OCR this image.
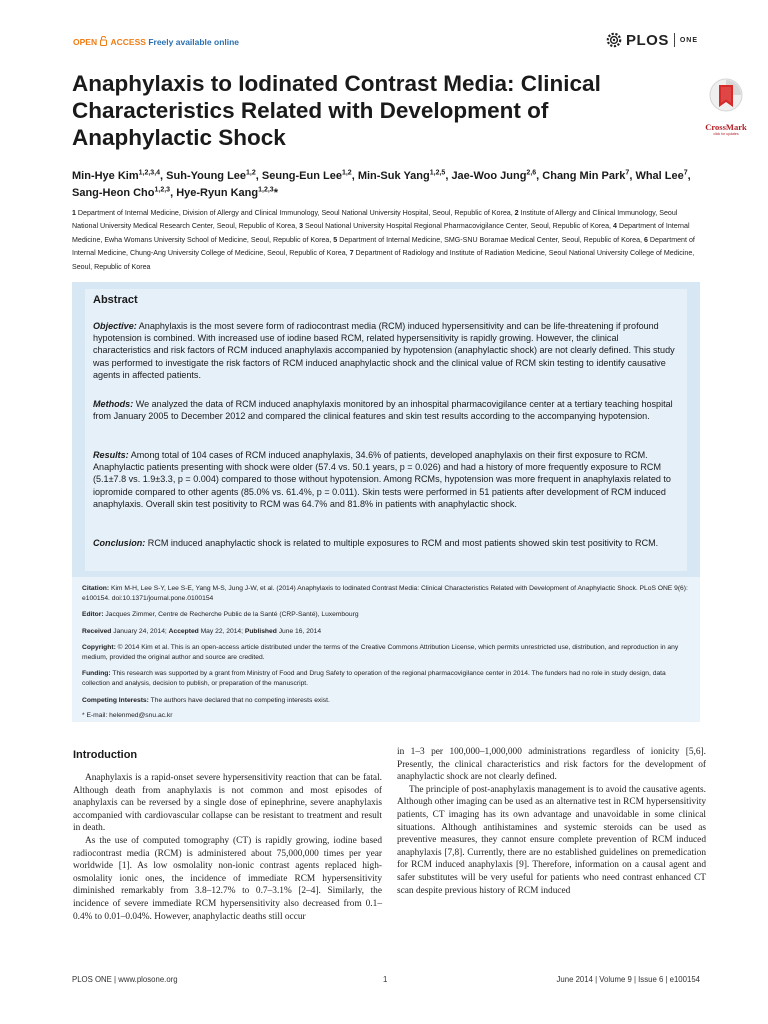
OPEN ACCESS Freely available online	PLOS ONE
Anaphylaxis to Iodinated Contrast Media: Clinical Characteristics Related with Development of Anaphylactic Shock	CrossMark
click for updates
Min-Hye Kim$^{1,2,3,4}$, Suh-Young Lee$^{1,2}$, Seung-Eun Lee$^{1,2}$, Min-Suk Yang$^{1,2,5}$, Jae-Woo Jung$^{2,6}$, Chang Min Park$^7$, Whal Lee$^7$, Sang-Heon Cho$^{1,2,3}$, Hye-Ryun Kang$^{1,2,3}$*
1 Department of Internal Medicine, Division of Allergy and Clinical Immunology, Seoul National University Hospital, Seoul, Republic of Korea, 2 Institute of Allergy and Clinical Immunology, Seoul National University Medical Research Center, Seoul, Republic of Korea, 3 Seoul National University Hospital Regional Pharmacovigilance Center, Seoul, Republic of Korea, 4 Department of Internal Medicine, Ewha Womans University School of Medicine, Seoul, Republic of Korea, 5 Department of Internal Medicine, SMG-SNU Boramae Medical Center, Seoul, Republic of Korea, 6 Department of Internal Medicine, Chung-Ang University College of Medicine, Seoul, Republic of Korea, 7 Department of Radiology and Institute of Radiation Medicine, Seoul National University College of Medicine, Seoul, Republic of Korea
Abstract

Objective: Anaphylaxis is the most severe form of radiocontrast media (RCM) induced hypersensitivity and can be life-threatening if profound hypotension is combined. With increased use of iodine based RCM, related hypersensitivity is rapidly growing. However, the clinical characteristics and risk factors of RCM induced anaphylaxis accompanied by hypotension (anaphylactic shock) are not clearly defined. This study was performed to investigate the risk factors of RCM induced anaphylactic shock and the clinical value of RCM skin testing to identify causative agents in affected patients.

Methods: We analyzed the data of RCM induced anaphylaxis monitored by an inhospital pharmacovigilance center at a tertiary teaching hospital from January 2005 to December 2012 and compared the clinical features and skin test results according to the accompanying hypotension.

Results: Among total of 104 cases of RCM induced anaphylaxis, 34.6% of patients, developed anaphylaxis on their first exposure to RCM. Anaphylactic patients presenting with shock were older (57.4 vs. 50.1 years, p = 0.026) and had a history of more frequently exposure to RCM (5.1±7.8 vs. 1.9±3.3, p = 0.004) compared to those without hypotension. Among RCMs, hypotension was more frequent in anaphylaxis related to iopromide compared to other agents (85.0% vs. 61.4%, p = 0.011). Skin tests were performed in 51 patients after development of RCM induced anaphylaxis. Overall skin test positivity to RCM was 64.7% and 81.8% in patients with anaphylactic shock.

Conclusion: RCM induced anaphylactic shock is related to multiple exposures to RCM and most patients showed skin test positivity to RCM.

Citation: Kim M-H, Lee S-Y, Lee S-E, Yang M-S, Jung J-W, et al. (2014) Anaphylaxis to Iodinated Contrast Media: Clinical Characteristics Related with Development of Anaphylactic Shock. PLoS ONE 9(6): e100154. doi:10.1371/journal.pone.0100154

Editor: Jacques Zimmer, Centre de Recherche Public de la Santé (CRP-Santé), Luxembourg

Received January 24, 2014; Accepted May 22, 2014; Published June 16, 2014

Copyright: © 2014 Kim et al. This is an open-access article distributed under the terms of the Creative Commons Attribution License, which permits unrestricted use, distribution, and reproduction in any medium, provided the original author and source are credited.

Funding: This research was supported by a grant from Ministry of Food and Drug Safety to operation of the regional pharmacovigilance center in 2014. The funders had no role in study design, data collection and analysis, decision to publish, or preparation of the manuscript.

Competing Interests: The authors have declared that no competing interests exist.

* E-mail: helenmed@snu.ac.kr

Introduction

Anaphylaxis is a rapid-onset severe hypersensitivity reaction that can be fatal. Although death from anaphylaxis is not common and most episodes of anaphylaxis can be reversed by a single dose of epinephrine, severe anaphylaxis accompanied with cardiovascular collapse can be resistant to treatment and result in death.

As the use of computed tomography (CT) is rapidly growing, iodine based radiocontrast media (RCM) is administered about 75,000,000 times per year worldwide [1]. As low osmolality non-ionic contrast agents replaced high-osmolality ionic ones, the incidence of immediate RCM hypersensitivity diminished remarkably from 3.8–12.7% to 0.7–3.1% [2–4]. Similarly, the incidence of severe immediate RCM hypersensitivity also decreased from 0.1–0.4% to 0.01–0.04%. However, anaphylactic deaths still occur

in 1–3 per 100,000–1,000,000 administrations regardless of ionicity [5,6]. Presently, the clinical characteristics and risk factors for the development of anaphylactic shock are not clearly defined.

The principle of post-anaphylaxis management is to avoid the causative agents. Although other imaging can be used as an alternative test in RCM hypersensitivity patients, CT imaging has its own advantage and unavoidable in some clinical situations. Although antihistamines and systemic steroids can be used as preventive measures, they cannot ensure complete prevention of RCM induced anaphylaxis [7,8]. Currently, there are no established guidelines on premedication for RCM induced anaphylaxis [9]. Therefore, information on a causal agent and safer substitutes will be very useful for patients who need contrast enhanced CT scan despite previous history of RCM induced

PLOS ONE | www.plosone.org	1	June 2014 | Volume 9 | Issue 6 | e100154
